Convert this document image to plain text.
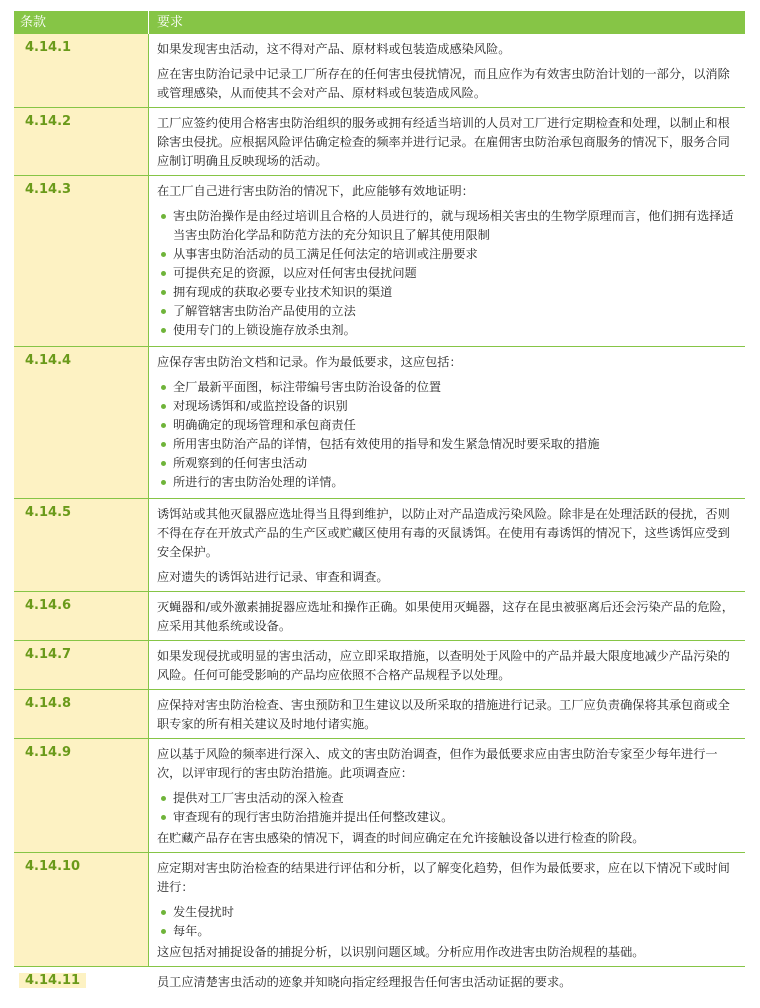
条款	要求
4.14.1	如果发现害虫活动，这不得对产品、原材料或包装造成感染风险。

应在害虫防治记录中记录工厂所存在的任何害虫侵扰情况，而且应作为有效害虫防治计划的一部分，以消除或管理感染，从而使其不会对产品、原材料或包装造成风险。

4.14.2	工厂应签约使用合格害虫防治组织的服务或拥有经适当培训的人员对工厂进行定期检查和处理，以制止和根除害虫侵扰。应根据风险评估确定检查的频率并进行记录。在雇佣害虫防治承包商服务的情况下，服务合同应制订明确且反映现场的活动。

4.14.3	在工厂自己进行害虫防治的情况下，此应能够有效地证明：

害虫防治操作是由经过培训且合格的人员进行的，就与现场相关害虫的生物学原理而言，他们拥有选择适当害虫防治化学品和防范方法的充分知识且了解其使用限制
从事害虫防治活动的员工满足任何法定的培训或注册要求
可提供充足的资源，以应对任何害虫侵扰问题
拥有现成的获取必要专业技术知识的渠道
了解管辖害虫防治产品使用的立法
使用专门的上锁设施存放杀虫剂。
4.14.4	应保存害虫防治文档和记录。作为最低要求，这应包括：

全厂最新平面图，标注带编号害虫防治设备的位置
对现场诱饵和/或监控设备的识别
明确确定的现场管理和承包商责任
所用害虫防治产品的详情，包括有效使用的指导和发生紧急情况时要采取的措施
所观察到的任何害虫活动
所进行的害虫防治处理的详情。
4.14.5	诱饵站或其他灭鼠器应选址得当且得到维护，以防止对产品造成污染风险。除非是在处理活跃的侵扰，否则不得在存在开放式产品的生产区或贮藏区使用有毒的灭鼠诱饵。在使用有毒诱饵的情况下，这些诱饵应受到安全保护。

应对遗失的诱饵站进行记录、审查和调查。

4.14.6	灭蝇器和/或外激素捕捉器应选址和操作正确。如果使用灭蝇器，这存在昆虫被驱离后还会污染产品的危险，应采用其他系统或设备。

4.14.7	如果发现侵扰或明显的害虫活动，应立即采取措施，以查明处于风险中的产品并最大限度地减少产品污染的风险。任何可能受影响的产品均应依照不合格产品规程予以处理。

4.14.8	应保持对害虫防治检查、害虫预防和卫生建议以及所采取的措施进行记录。工厂应负责确保将其承包商或全职专家的所有相关建议及时地付诸实施。

4.14.9	应以基于风险的频率进行深入、成文的害虫防治调查，但作为最低要求应由害虫防治专家至少每年进行一次，以评审现行的害虫防治措施。此项调查应：

提供对工厂害虫活动的深入检查
审查现有的现行害虫防治措施并提出任何整改建议。

在贮藏产品存在害虫感染的情况下，调查的时间应确定在允许接触设备以进行检查的阶段。

4.14.10	应定期对害虫防治检查的结果进行评估和分析，以了解变化趋势，但作为最低要求，应在以下情况下或时间进行：

发生侵扰时
每年。

这应包括对捕捉设备的捕捉分析，以识别问题区域。分析应用作改进害虫防治规程的基础。

4.14.11	员工应清楚害虫活动的迹象并知晓向指定经理报告任何害虫活动证据的要求。
